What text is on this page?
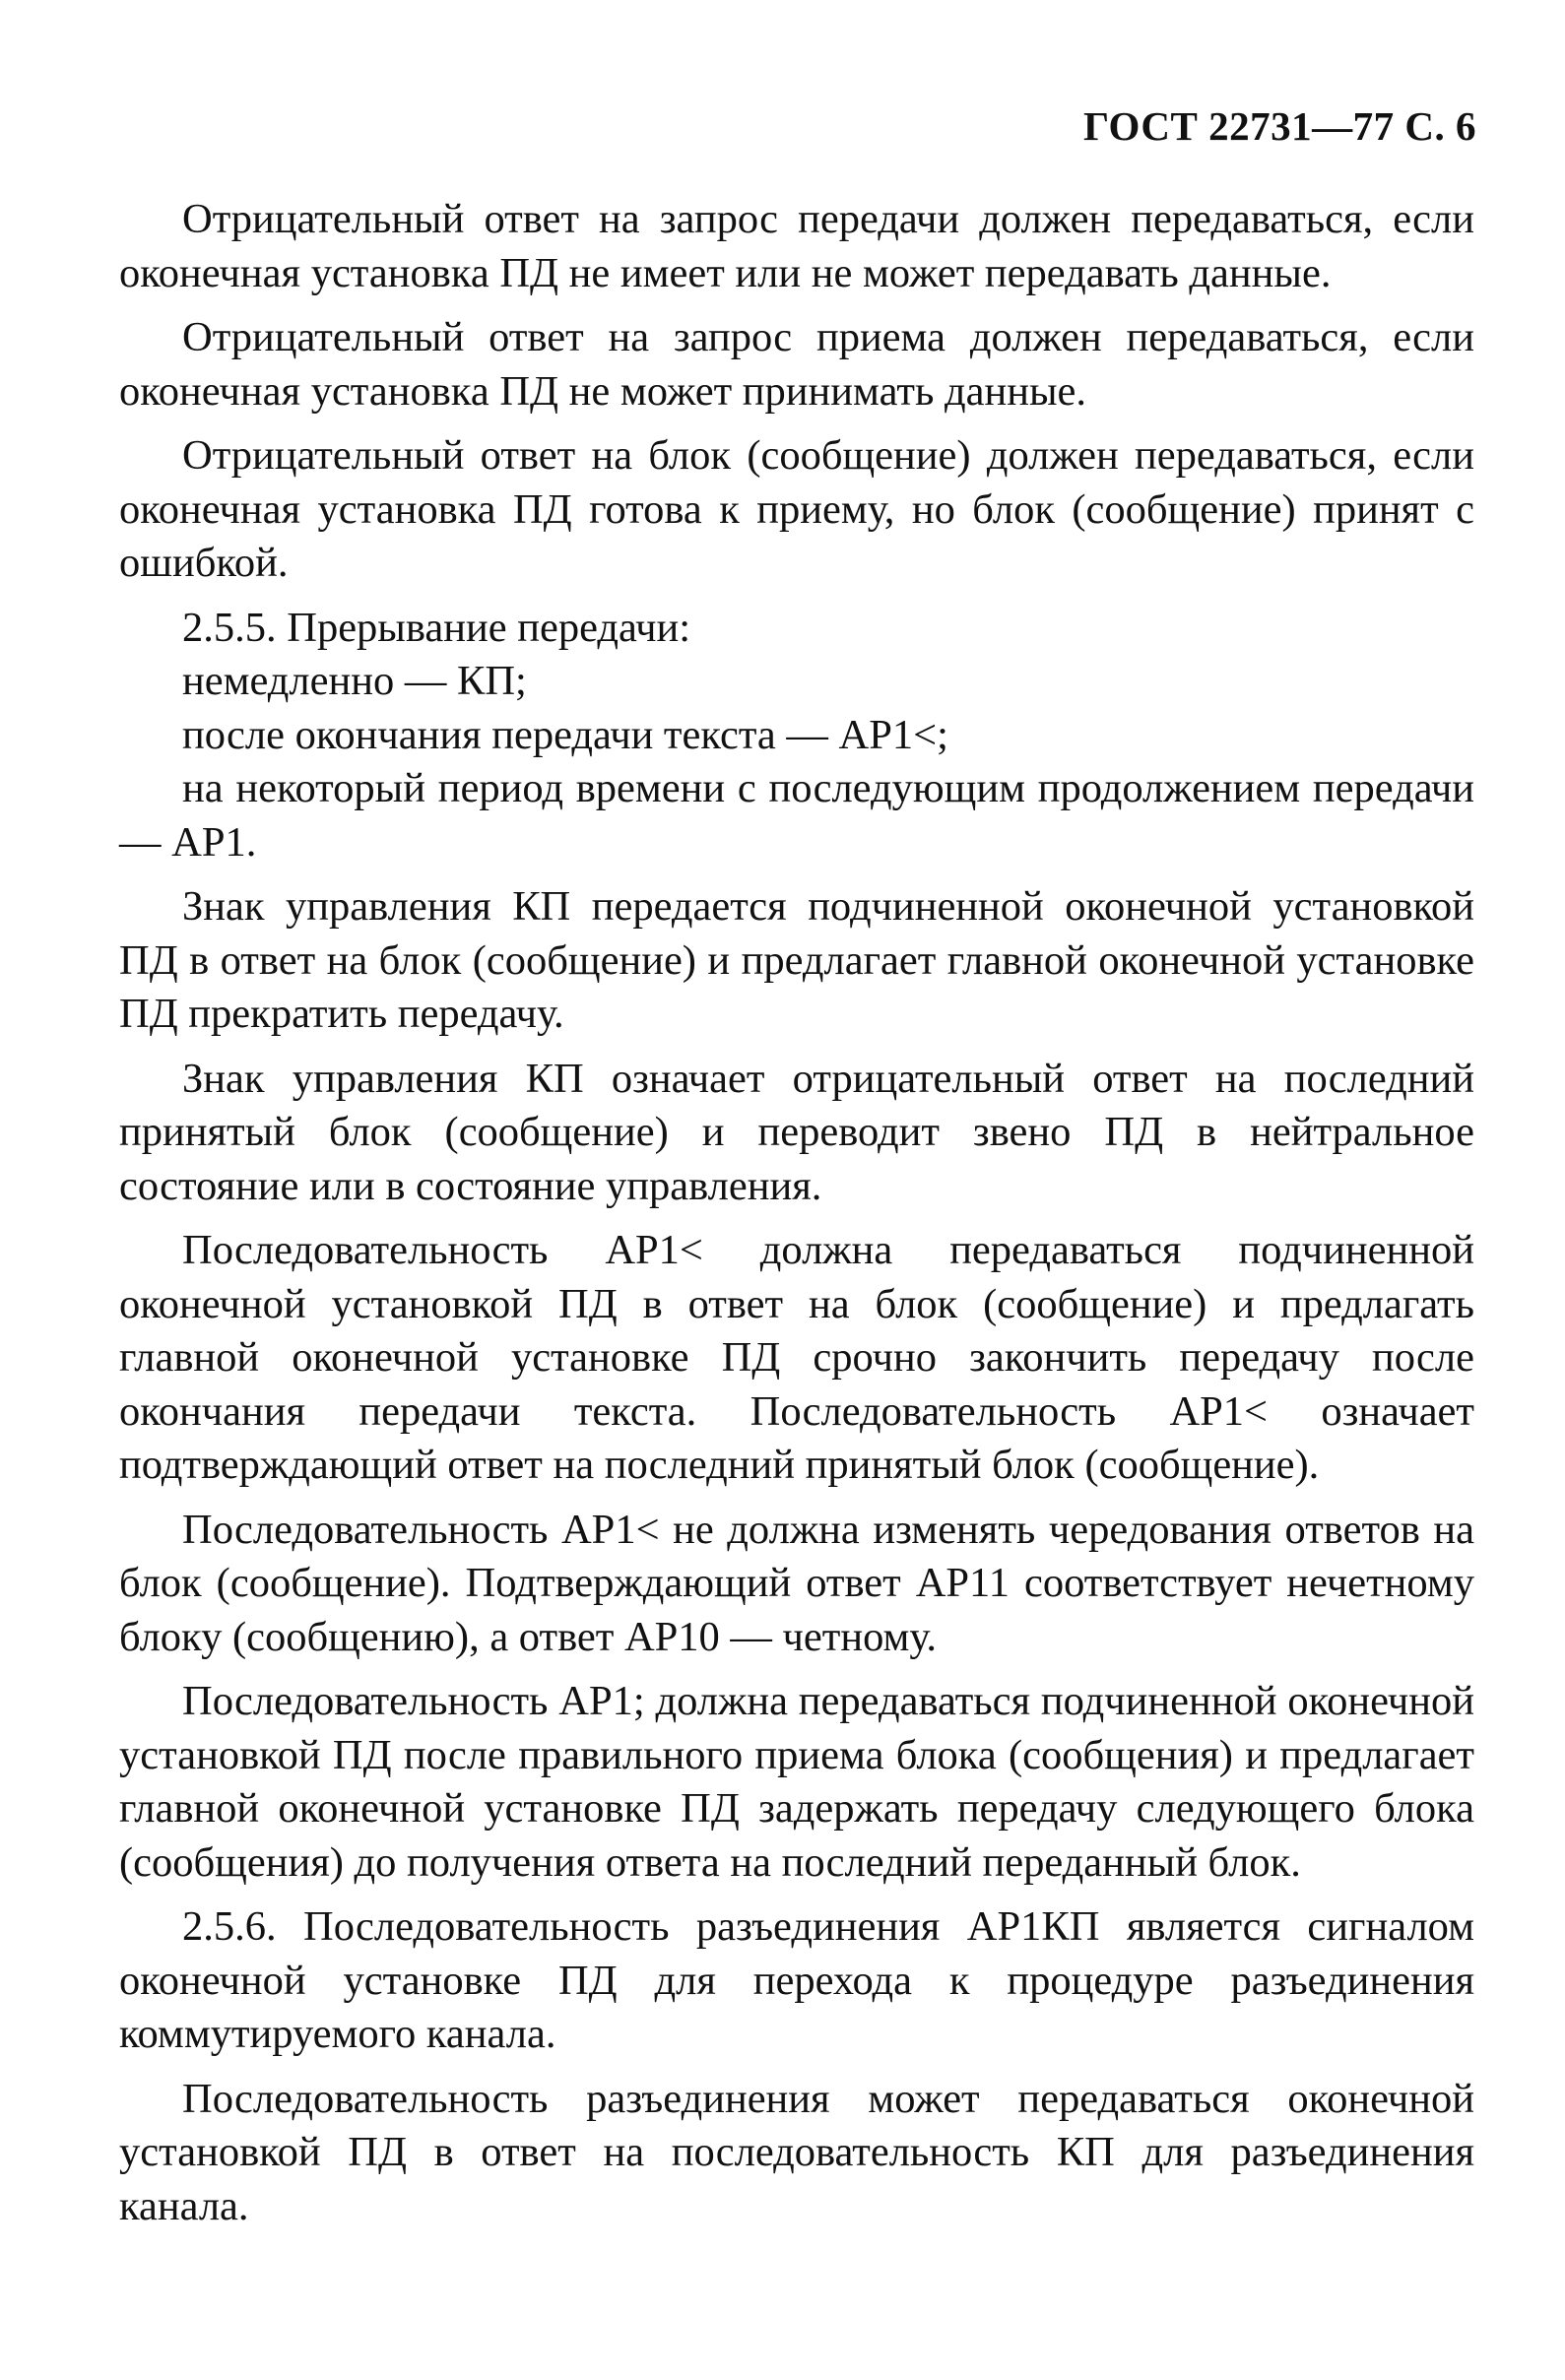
ГОСТ 22731—77 С. 6

Отрицательный ответ на запрос передачи должен передаваться, если оконечная установка ПД не имеет или не может передавать данные.

Отрицательный ответ на запрос приема должен передаваться, если оконечная установка ПД не может принимать данные.

Отрицательный ответ на блок (сообщение) должен передаваться, если оконечная установка ПД готова к приему, но блок (сообщение) принят с ошибкой.

2.5.5. Прерывание передачи:

немедленно — КП;

после окончания передачи текста — АР1<;

на некоторый период времени с последующим продолжением передачи — АР1.

Знак управления КП передается подчиненной оконечной установкой ПД в ответ на блок (сообщение) и предлагает главной оконечной установке ПД прекратить передачу.

Знак управления КП означает отрицательный ответ на последний принятый блок (сообщение) и переводит звено ПД в нейтральное состояние или в состояние управления.

Последовательность АР1< должна передаваться подчиненной оконечной установкой ПД в ответ на блок (сообщение) и предлагать главной оконечной установке ПД срочно закончить передачу после окончания передачи текста. Последовательность АР1< означает подтверждающий ответ на последний принятый блок (сообщение).

Последовательность АР1< не должна изменять чередования ответов на блок (сообщение). Подтверждающий ответ АР11 соответствует нечетному блоку (сообщению), а ответ АР10 — четному.

Последовательность АР1; должна передаваться подчиненной оконечной установкой ПД после правильного приема блока (сообщения) и предлагает главной оконечной установке ПД задержать передачу следующего блока (сообщения) до получения ответа на последний переданный блок.

2.5.6. Последовательность разъединения АР1КП является сигналом оконечной установке ПД для перехода к процедуре разъединения коммутируемого канала.

Последовательность разъединения может передаваться оконечной установкой ПД в ответ на последовательность КП для разъединения канала.
